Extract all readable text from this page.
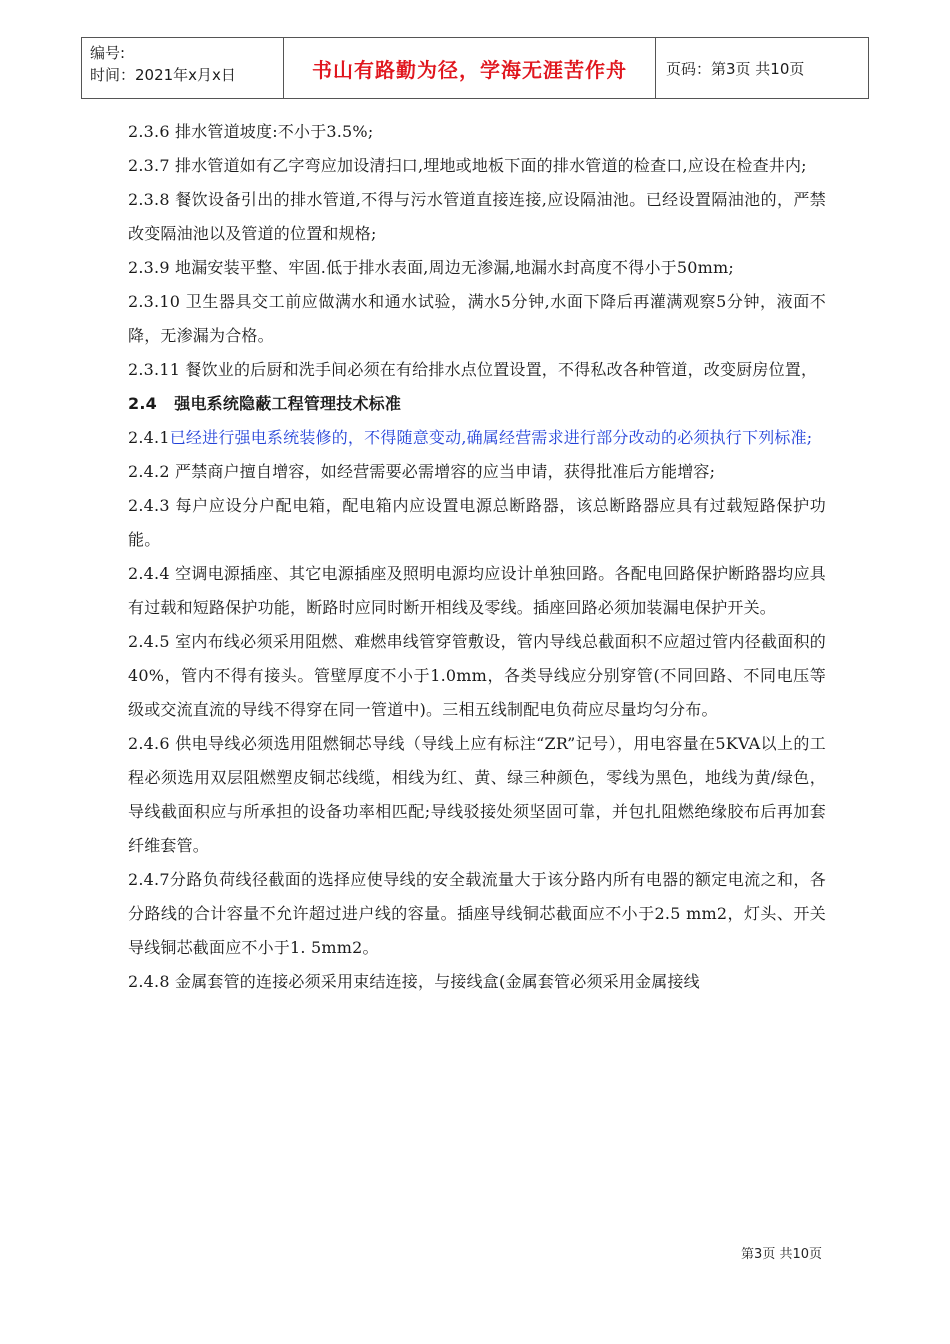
编号:
时间：2021年x月x日	书山有路勤为径，学海无涯苦作舟	页码：第3页 共10页

2.3.6 排水管道坡度:不小于3.5%;

2.3.7 排水管道如有乙字弯应加设清扫口,埋地或地板下面的排水管道的检查口,应设在检查井内;

2.3.8 餐饮设备引出的排水管道,不得与污水管道直接连接,应设隔油池。已经设置隔油池的，严禁改变隔油池以及管道的位置和规格;

2.3.9 地漏安装平整、牢固.低于排水表面,周边无渗漏,地漏水封高度不得小于50mm;

2.3.10 卫生器具交工前应做满水和通水试验，满水5分钟,水面下降后再灌满观察5分钟，液面不降，无渗漏为合格。

2.3.11 餐饮业的后厨和洗手间必须在有给排水点位置设置，不得私改各种管道，改变厨房位置，

2.4   强电系统隐蔽工程管理技术标准

2.4.1已经进行强电系统装修的，不得随意变动,确属经营需求进行部分改动的必须执行下列标准;

2.4.2 严禁商户擅自增容，如经营需要必需增容的应当申请，获得批准后方能增容;

2.4.3 每户应设分户配电箱，配电箱内应设置电源总断路器，该总断路器应具有过载短路保护功能。

2.4.4 空调电源插座、其它电源插座及照明电源均应设计单独回路。各配电回路保护断路器均应具有过载和短路保护功能，断路时应同时断开相线及零线。插座回路必须加装漏电保护开关。

2.4.5 室内布线必须采用阻燃、难燃串线管穿管敷设，管内导线总截面积不应超过管内径截面积的40%，管内不得有接头。管壁厚度不小于1.0mm，各类导线应分别穿管(不同回路、不同电压等级或交流直流的导线不得穿在同一管道中)。三相五线制配电负荷应尽量均匀分布。

2.4.6 供电导线必须选用阻燃铜芯导线（导线上应有标注“ZR”记号），用电容量在5KVA以上的工程必须选用双层阻燃塑皮铜芯线缆，相线为红、黄、绿三种颜色，零线为黑色，地线为黄/绿色，导线截面积应与所承担的设备功率相匹配;导线驳接处须坚固可靠，并包扎阻燃绝缘胶布后再加套纤维套管。

2.4.7分路负荷线径截面的选择应使导线的安全载流量大于该分路内所有电器的额定电流之和，各分路线的合计容量不允许超过进户线的容量。插座导线铜芯截面应不小于2.5 mm2，灯头、开关导线铜芯截面应不小于1. 5mm2。

2.4.8 金属套管的连接必须采用束结连接，与接线盒(金属套管必须采用金属接线

第3页 共10页
